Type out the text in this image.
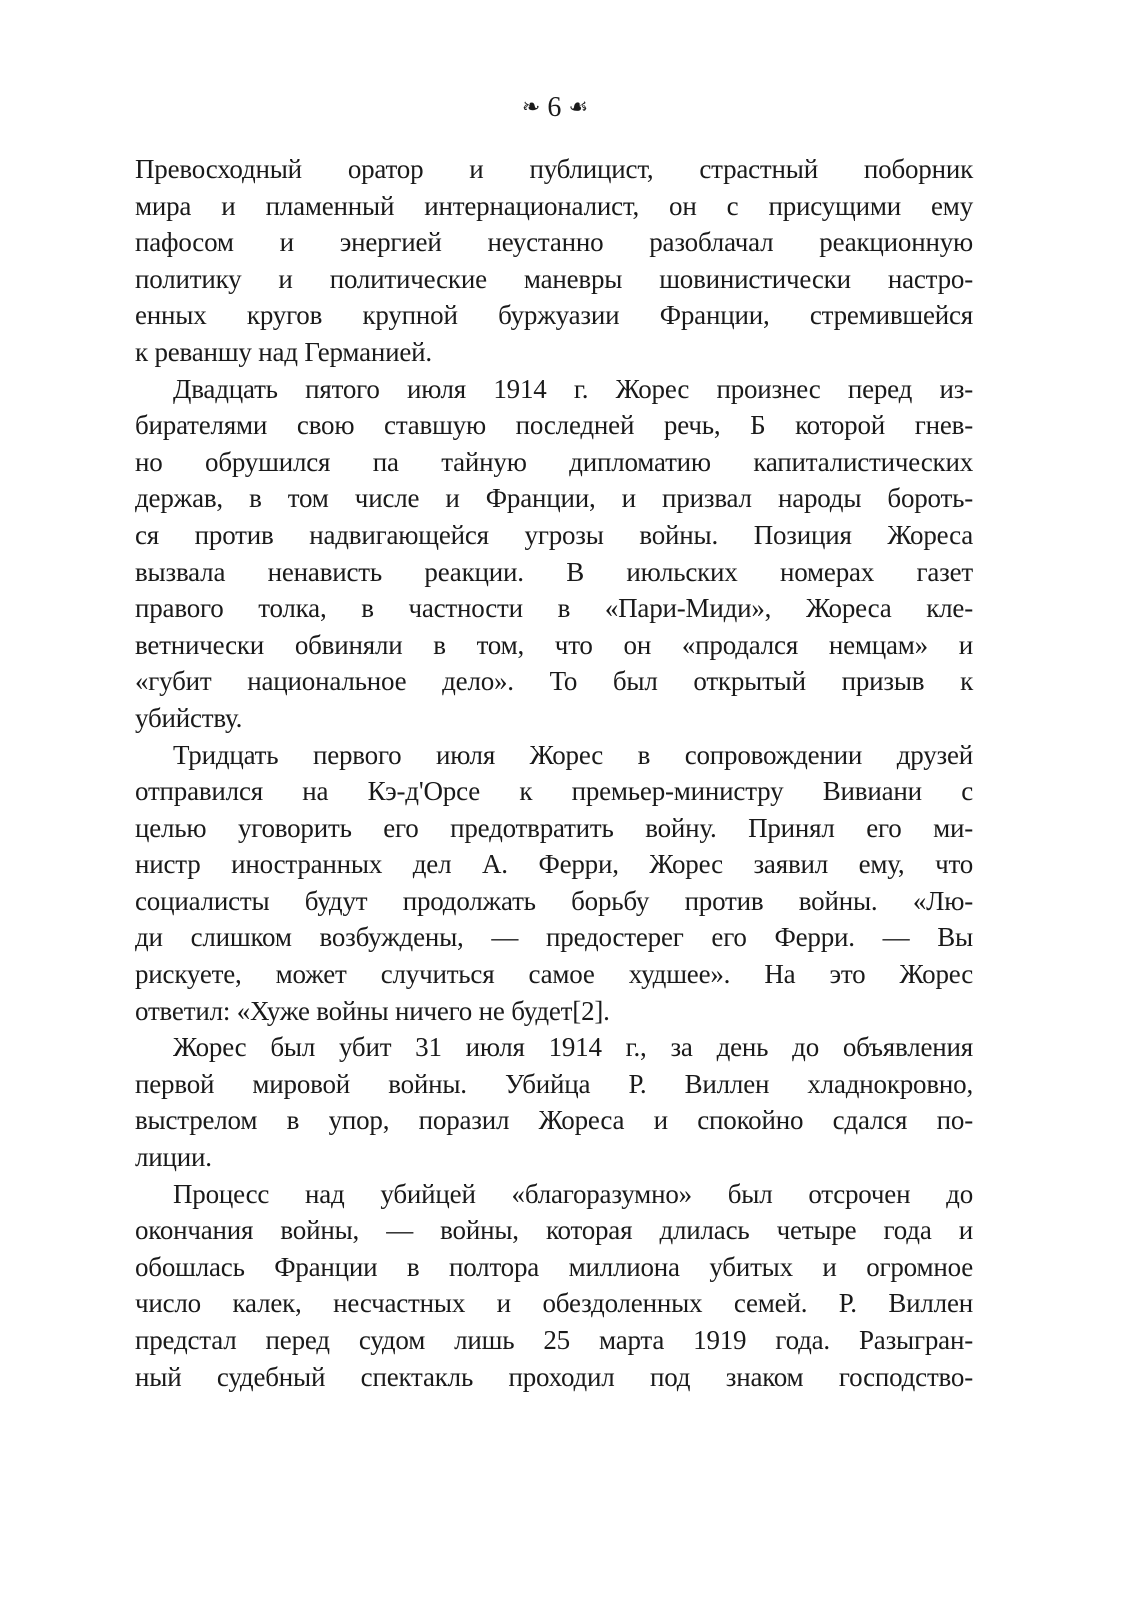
❧ 6 ☙
Превосходный оратор и публицист, страстный поборник
мира и пламенный интернационалист, он с присущими ему
пафосом и энергией неустанно разоблачал реакционную
политику и политические маневры шовинистически настро-
енных кругов крупной буржуазии Франции, стремившейся
к реваншу над Германией.
Двадцать пятого июля 1914 г. Жорес произнес перед из-
бирателями свою ставшую последней речь, Б которой гнев-
но обрушился па тайную дипломатию капиталистических
держав, в том числе и Франции, и призвал народы бороть-
ся против надвигающейся угрозы войны. Позиция Жореса
вызвала ненависть реакции. В июльских номерах газет
правого толка, в частности в «Пари-Миди», Жореса кле-
ветнически обвиняли в том, что он «продался немцам» и
«губит национальное дело». То был открытый призыв к
убийству.
Тридцать первого июля Жорес в сопровождении друзей
отправился на Кэ-д'Орсе к премьер-министру Вивиани с
целью уговорить его предотвратить войну. Принял его ми-
нистр иностранных дел А. Ферри, Жорес заявил ему, что
социалисты будут продолжать борьбу против войны. «Лю-
ди слишком возбуждены, — предостерег его Ферри. — Вы
рискуете, может случиться самое худшее». На это Жорес
ответил: «Хуже войны ничего не будет[2].
Жорес был убит 31 июля 1914 г., за день до объявления
первой мировой войны. Убийца Р. Виллен хладнокровно,
выстрелом в упор, поразил Жореса и спокойно сдался по-
лиции.
Процесс над убийцей «благоразумно» был отсрочен до
окончания войны, — войны, которая длилась четыре года и
обошлась Франции в полтора миллиона убитых и огромное
число калек, несчастных и обездоленных семей. Р. Виллен
предстал перед судом лишь 25 марта 1919 года. Разыгран-
ный судебный спектакль проходил под знаком господство-
